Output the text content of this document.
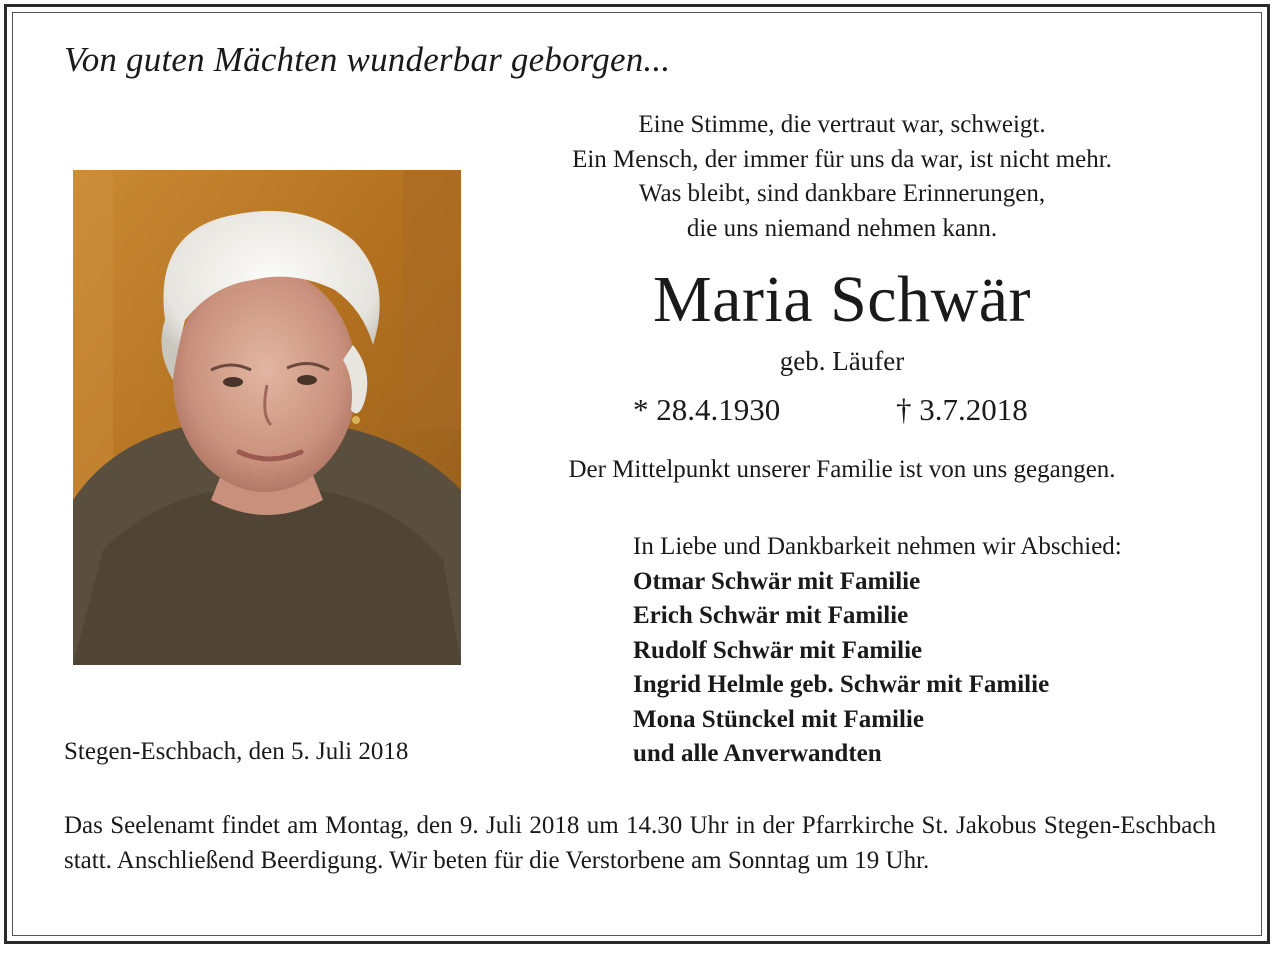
Von guten Mächten wunderbar geborgen...
Eine Stimme, die vertraut war, schweigt.
Ein Mensch, der immer für uns da war, ist nicht mehr.
Was bleibt, sind dankbare Erinnerungen,
die uns niemand nehmen kann.
Maria Schwär
geb. Läufer
* 28.4.1930	† 3.7.2018
Der Mittelpunkt unserer Familie ist von uns gegangen.
In Liebe und Dankbarkeit nehmen wir Abschied:
Otmar Schwär mit Familie
Erich Schwär mit Familie
Rudolf Schwär mit Familie
Ingrid Helmle geb. Schwär mit Familie
Mona Stünckel mit Familie
und alle Anverwandten
Stegen-Eschbach, den 5. Juli 2018
Das Seelenamt findet am Montag, den 9. Juli 2018 um 14.30 Uhr in der Pfarrkirche St. Jakobus Stegen-Eschbach statt. Anschließend Beerdigung. Wir beten für die Verstorbene am Sonntag um 19 Uhr.
